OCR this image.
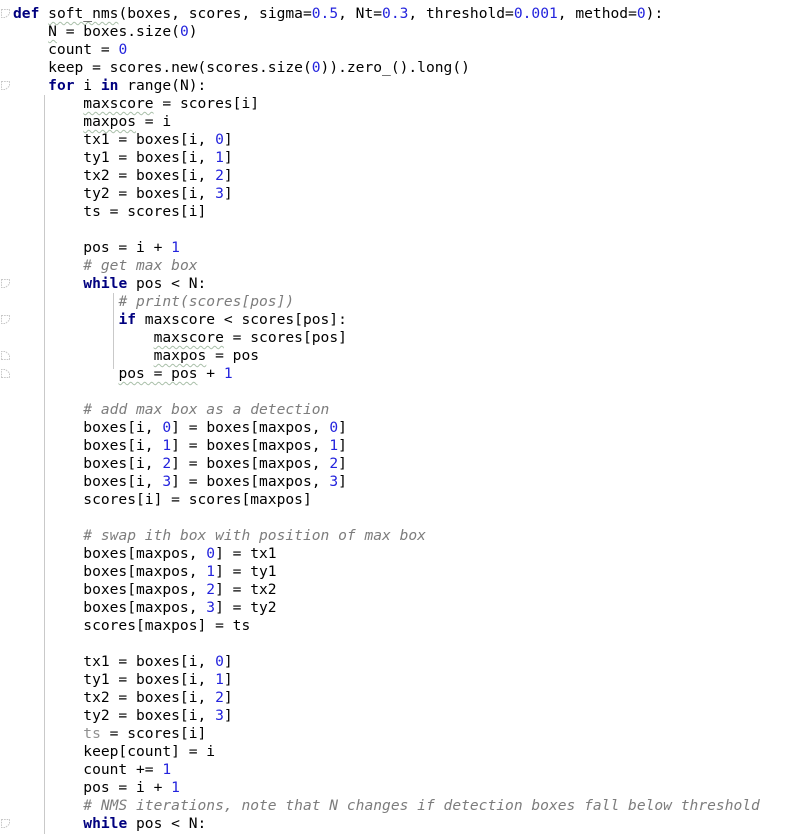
def soft_nms(boxes, scores, sigma=0.5, Nt=0.3, threshold=0.001, method=0):
N = boxes.size(0)
count = 0
keep = scores.new(scores.size(0)).zero_().long()
for i in range(N):
maxscore = scores[i]
maxpos = i
tx1 = boxes[i, 0]
ty1 = boxes[i, 1]
tx2 = boxes[i, 2]
ty2 = boxes[i, 3]
ts = scores[i]
pos = i + 1
# get max box
while pos < N:
# print(scores[pos])
if maxscore < scores[pos]:
maxscore = scores[pos]
maxpos = pos
pos = pos + 1
# add max box as a detection
boxes[i, 0] = boxes[maxpos, 0]
boxes[i, 1] = boxes[maxpos, 1]
boxes[i, 2] = boxes[maxpos, 2]
boxes[i, 3] = boxes[maxpos, 3]
scores[i] = scores[maxpos]
# swap ith box with position of max box
boxes[maxpos, 0] = tx1
boxes[maxpos, 1] = ty1
boxes[maxpos, 2] = tx2
boxes[maxpos, 3] = ty2
scores[maxpos] = ts
tx1 = boxes[i, 0]
ty1 = boxes[i, 1]
tx2 = boxes[i, 2]
ty2 = boxes[i, 3]
ts = scores[i]
keep[count] = i
count += 1
pos = i + 1
# NMS iterations, note that N changes if detection boxes fall below threshold
while pos < N:
